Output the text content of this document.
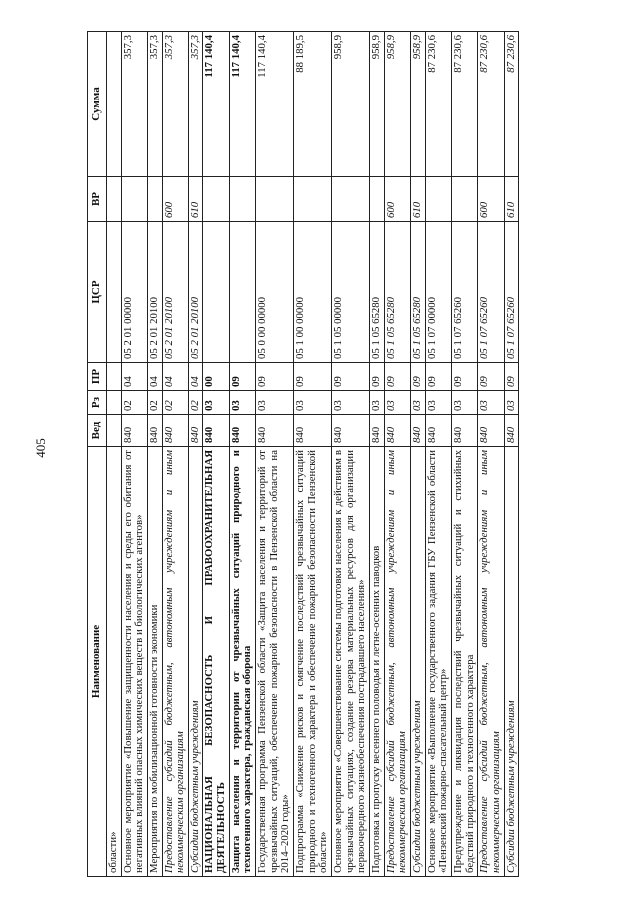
405
Наименование	Вед	Рз	ПР	ЦСР	ВР	Сумма
области»						
Основное мероприятие «Повышение защищенности населения и среды его обитания от негативных влияний опасных химических веществ и биологических агентов»	840	02	04	05 2 01 00000		357,3
Мероприятия по мобилизационной готовности экономики	840	02	04	05 2 01 20100		357,3
Предоставление субсидий бюджетным, автономным учреждениям и иным некоммерческим организациям	840	02	04	05 2 01 20100	600	357,3
Субсидии бюджетным учреждениям	840	02	04	05 2 01 20100	610	357,3
НАЦИОНАЛЬНАЯ БЕЗОПАСНОСТЬ И ПРАВООХРАНИТЕЛЬНАЯ ДЕЯТЕЛЬНОСТЬ	840	03	00			117 140,4
Защита населения и территории от чрезвычайных ситуаций природного и техногенного характера, гражданская оборона	840	03	09			117 140,4
Государственная программа Пензенской области «Защита населения и территорий от чрезвычайных ситуаций, обеспечение пожарной безопасности в Пензенской области на 2014–2020 годы»	840	03	09	05 0 00 00000		117 140,4
Подпрограмма «Снижение рисков и смягчение последствий чрезвычайных ситуаций природного и техногенного характера и обеспечение пожарной безопасности Пензенской области»	840	03	09	05 1 00 00000		88 189,5
Основное мероприятие «Совершенствование системы подготовки населения к действиям в чрезвычайных ситуациях, создание резерва материальных ресурсов для организации первоочередного жизнеобеспечения пострадавшего населения»	840	03	09	05 1 05 00000		958,9
Подготовка к пропуску весеннего половодья и летне-осенних паводков	840	03	09	05 1 05 65280		958,9
Предоставление субсидий бюджетным, автономным учреждениям и иным некоммерческим организациям	840	03	09	05 1 05 65280	600	958,9
Субсидии бюджетным учреждениям	840	03	09	05 1 05 65280	610	958,9
Основное мероприятие «Выполнение государственного задания ГБУ Пензенской области «Пензенский пожарно-спасательный центр»	840	03	09	05 1 07 00000		87 230,6
Предупреждение и ликвидация последствий чрезвычайных ситуаций и стихийных бедствий природного и техногенного характера	840	03	09	05 1 07 65260		87 230,6
Предоставление субсидий бюджетным, автономным учреждениям и иным некоммерческим организациям	840	03	09	05 1 07 65260	600	87 230,6
Субсидии бюджетным учреждениям	840	03	09	05 1 07 65260	610	87 230,6
